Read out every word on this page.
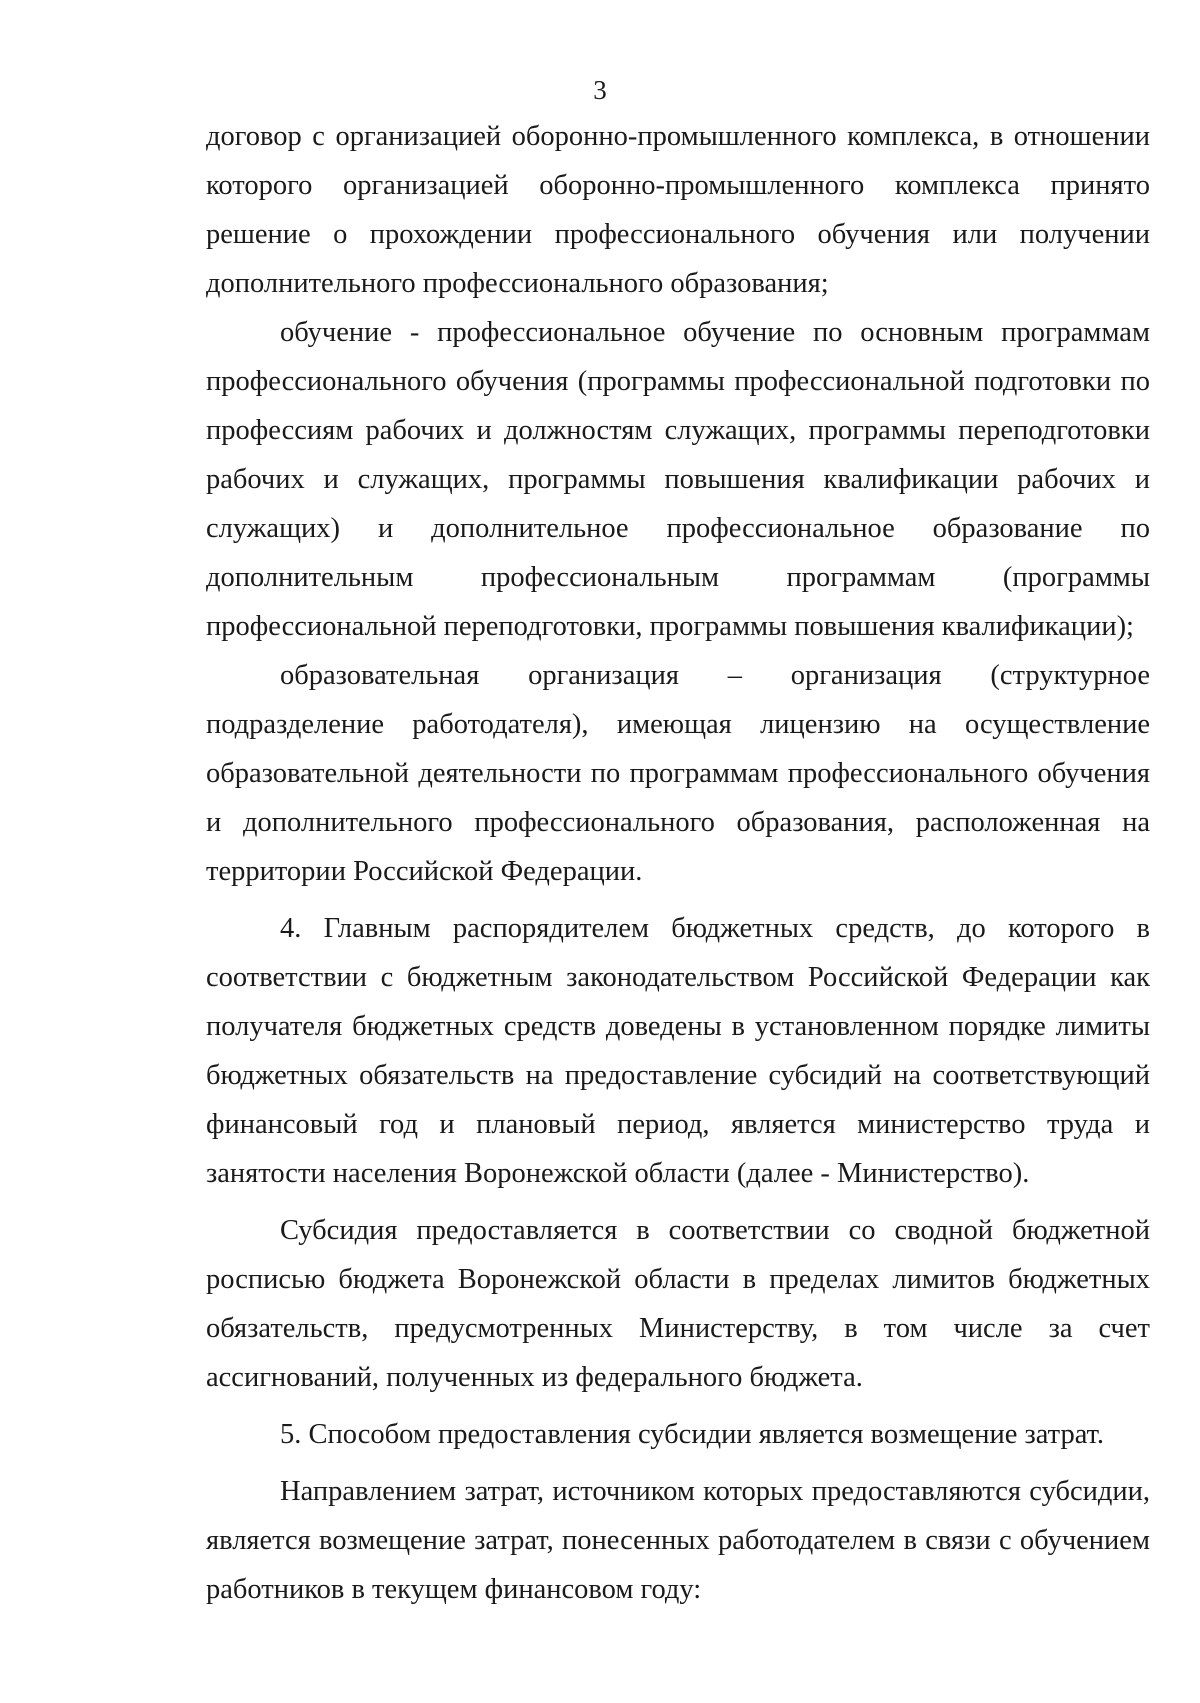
3

договор с организацией оборонно-промышленного комплекса, в отношении которого организацией оборонно-промышленного комплекса принято решение о прохождении профессионального обучения или получении дополнительного профессионального образования;

обучение - профессиональное обучение по основным программам профессионального обучения (программы профессиональной подготовки по профессиям рабочих и должностям служащих, программы переподготовки рабочих и служащих, программы повышения квалификации рабочих и служащих) и дополнительное профессиональное образование по дополнительным профессиональным программам (программы профессиональной переподготовки, программы повышения квалификации);

образовательная организация – организация (структурное подразделение работодателя), имеющая лицензию на осуществление образовательной деятельности по программам профессионального обучения и дополнительного профессионального образования, расположенная на территории Российской Федерации.

4. Главным распорядителем бюджетных средств, до которого в соответствии с бюджетным законодательством Российской Федерации как получателя бюджетных средств доведены в установленном порядке лимиты бюджетных обязательств на предоставление субсидий на соответствующий финансовый год и плановый период, является министерство труда и занятости населения Воронежской области (далее - Министерство).

Субсидия предоставляется в соответствии со сводной бюджетной росписью бюджета Воронежской области в пределах лимитов бюджетных обязательств, предусмотренных Министерству, в том числе за счет ассигнований, полученных из федерального бюджета.

5. Способом предоставления субсидии является возмещение затрат.

Направлением затрат, источником которых предоставляются субсидии, является возмещение затрат, понесенных работодателем в связи с обучением работников в текущем финансовом году:
